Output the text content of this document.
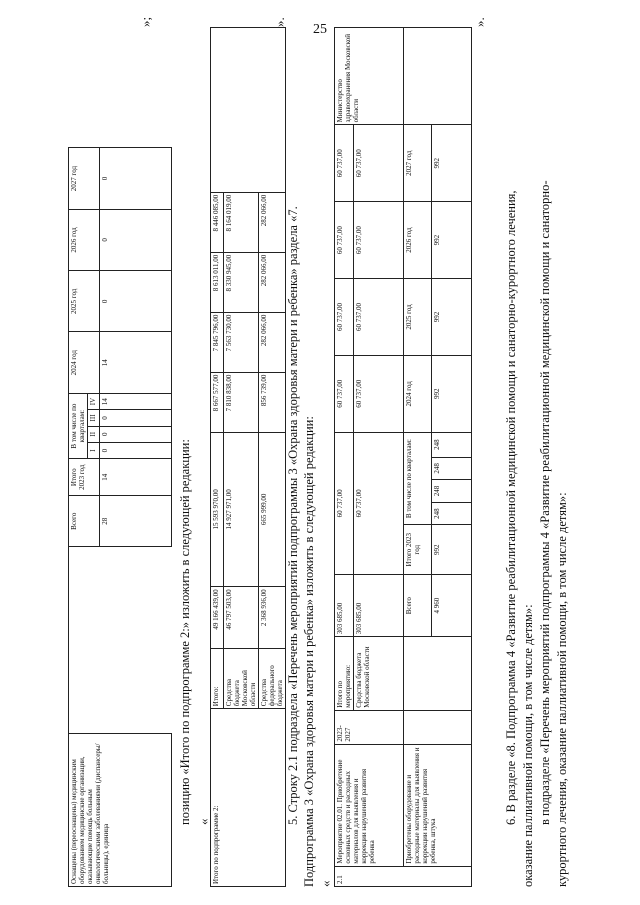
25
Оснащены (переоснащены) медицинским оборудованием медицинские организации, оказывающие помощь больным онкологическими заболеваниями (диспансеры/ больницы), единица		Всего	Итого 2023 год	В том числе по кварталам:				2024 год	2025 год	2026 год	2027 год	
				I	II	III	IV					
		28	14	0	0	0	14	14	0	0	0	
»;
позицию «Итого по подпрограмме 2:» изложить в следующей редакции: « Итого по подпрограмме 2:	Итого:	49 166 439,00	15 593 970,00	8 667 577,00	7 845 796,00	8 613 011,00	8 446 085,00	
	Средства бюджета Московской области	46 797 503,00	14 927 971,00	7 810 838,00	7 563 730,00	8 330 945,00	8 164 019,00	
	Средства федерального бюджета	2 368 936,00	665 999,00	856 739,00	282 066,00	282 066,00	282 066,00	
».
5. Строку 2.1 подраздела «Перечень мероприятий подпрограммы 3 «Охрана здоровья матери и ребенка» раздела «7. Подпрограмма 3 «Охрана здоровья матери и ребенка» изложить в следующей редакции: « 2.1	Мероприятие 02.01. Приобретение основных средств и расходных материалов для выявления и коррекции нарушений развития ребенка	2023-2027	Итого по мероприятию:	303 685,00	60 737,00					60 737,00	60 737,00	60 737,00	60 737,00	Министерство здравоохранения Московской области
			Средства бюджета Московской области	303 685,00	60 737,00					60 737,00	60 737,00	60 737,00	60 737,00	
	Приобретены оборудование и расходные материалы для выявления и коррекции нарушений развития ребенка, штука			Всего	Итого 2023 год	В том числе по кварталам:				2024 год	2025 год	2026 год	2027 год	
				4 960	992	248	248	248	248	992	992	992	992	
».
6. В разделе «8. Подпрограмма 4 «Развитие реабилитационной медицинской помощи и санаторно-курортного лечения, оказание паллиативной помощи, в том числе детям»: в подразделе «Перечень мероприятий подпрограммы 4 «Развитие реабилитационной медицинской помощи и санаторно- курортного лечения, оказание паллиативной помощи, в том числе детям»:
